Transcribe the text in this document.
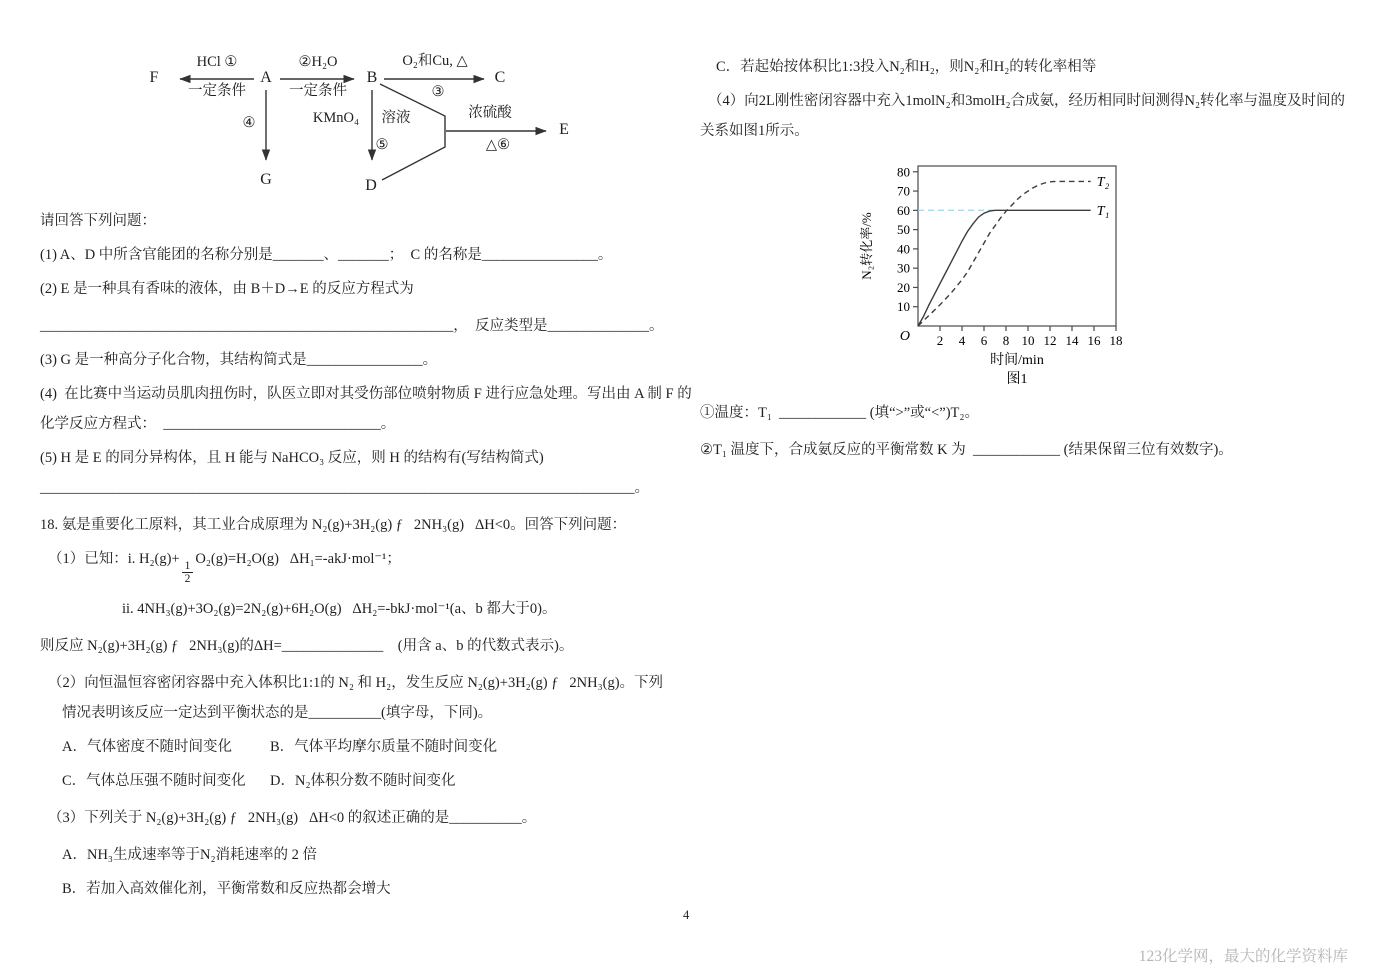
F	A	B	C
G	D
E
HCl ①
一定条件
②H₂O
一定条件
O₂和Cu, △
③
④	KMnO₄ 溶液
⑤
浓硫酸
△⑥

请回答下列问题：

(1) A、D 中所含官能团的名称分别是_______、_______；  C 的名称是________________。

(2) E 是一种具有香味的液体，由 B＋D→E 的反应方程式为

_________________________________________________________，  反应类型是______________。

(3) G 是一种高分子化合物，其结构简式是________________。

(4)  在比赛中当运动员肌肉扭伤时，队医立即对其受伤部位喷射物质 F 进行应急处理。写出由 A 制 F 的

化学反应方程式：  ______________________________。

(5) H 是 E 的同分异构体，且 H 能与 NaHCO₃ 反应，则 H 的结构有(写结构简式)

__________________________________________________________________________________。

18. 氨是重要化工原料，其工业合成原理为 N₂(g)+3H₂(g) ƒ   2NH₃(g)   ΔH<0。回答下列问题：

（1）已知：i. H₂(g)+
$\frac{1}{2}$
O₂(g)=H₂O(g)   ΔH₁=-akJ·mol⁻¹；

ii. 4NH₃(g)+3O₂(g)=2N₂(g)+6H₂O(g)   ΔH₂=-bkJ·mol⁻¹(a、b 都大于0)。

则反应 N₂(g)+3H₂(g) ƒ   2NH₃(g)的ΔH=______________    (用含 a、b 的代数式表示)。

（2）向恒温恒容密闭容器中充入体积比1:1的 N₂ 和 H₂，发生反应 N₂(g)+3H₂(g) ƒ   2NH₃(g)。下列

情况表明该反应一定达到平衡状态的是__________(填字母，下同)。

A．气体密度不随时间变化	B．气体平均摩尔质量不随时间变化

C．气体总压强不随时间变化 D．N₂体积分数不随时间变化

（3）下列关于 N₂(g)+3H₂(g) ƒ   2NH₃(g)   ΔH<0 的叙述正确的是__________。

A．NH₃生成速率等于N₂消耗速率的 2 倍

B．若加入高效催化剂，平衡常数和反应热都会增大

C．若起始按体积比1:3投入N₂和H₂，则N₂和H₂的转化率相等

（4）向2L刚性密闭容器中充入1molN₂和3molH₂合成氨，经历相同时间测得N₂转化率与温度及时间的

关系如图1所示。

10
20
30
40
50
60
70
80
2 4 6 8 10 12 14 16 18
N₂转化率/%
时间/min
图1
O
T₁
T₂

①温度：T₁  ____________ (填“>”或“<”)T₂。

②T₁ 温度下，合成氨反应的平衡常数 K 为  ____________ (结果保留三位有效数字)。

4
123化学网，最大的化学资料库
